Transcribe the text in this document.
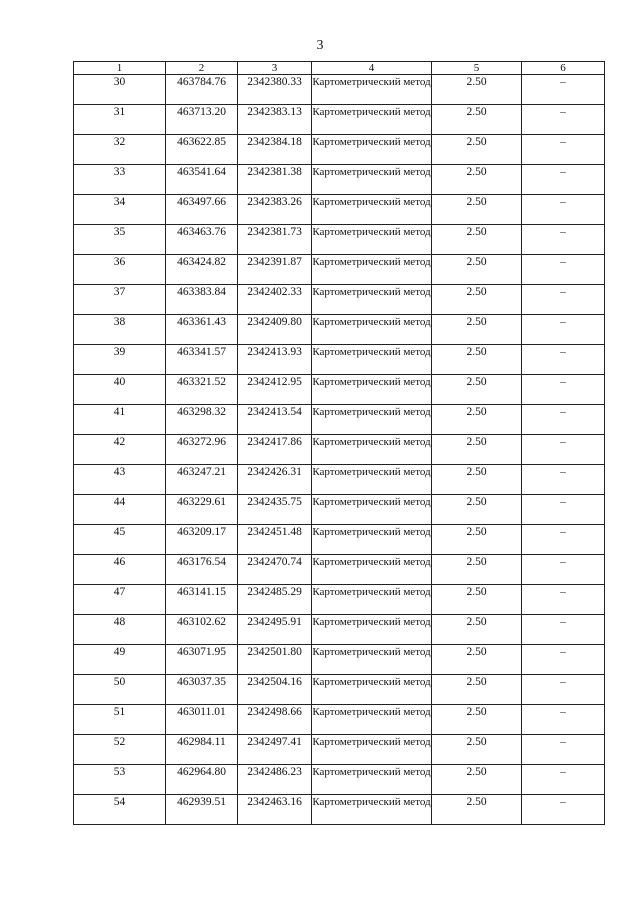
3
1	2	3	4	5	6
30	463784.76	2342380.33	Картометрический метод	2.50	–
31	463713.20	2342383.13	Картометрический метод	2.50	–
32	463622.85	2342384.18	Картометрический метод	2.50	–
33	463541.64	2342381.38	Картометрический метод	2.50	–
34	463497.66	2342383.26	Картометрический метод	2.50	–
35	463463.76	2342381.73	Картометрический метод	2.50	–
36	463424.82	2342391.87	Картометрический метод	2.50	–
37	463383.84	2342402.33	Картометрический метод	2.50	–
38	463361.43	2342409.80	Картометрический метод	2.50	–
39	463341.57	2342413.93	Картометрический метод	2.50	–
40	463321.52	2342412.95	Картометрический метод	2.50	–
41	463298.32	2342413.54	Картометрический метод	2.50	–
42	463272.96	2342417.86	Картометрический метод	2.50	–
43	463247.21	2342426.31	Картометрический метод	2.50	–
44	463229.61	2342435.75	Картометрический метод	2.50	–
45	463209.17	2342451.48	Картометрический метод	2.50	–
46	463176.54	2342470.74	Картометрический метод	2.50	–
47	463141.15	2342485.29	Картометрический метод	2.50	–
48	463102.62	2342495.91	Картометрический метод	2.50	–
49	463071.95	2342501.80	Картометрический метод	2.50	–
50	463037.35	2342504.16	Картометрический метод	2.50	–
51	463011.01	2342498.66	Картометрический метод	2.50	–
52	462984.11	2342497.41	Картометрический метод	2.50	–
53	462964.80	2342486.23	Картометрический метод	2.50	–
54	462939.51	2342463.16	Картометрический метод	2.50	–
